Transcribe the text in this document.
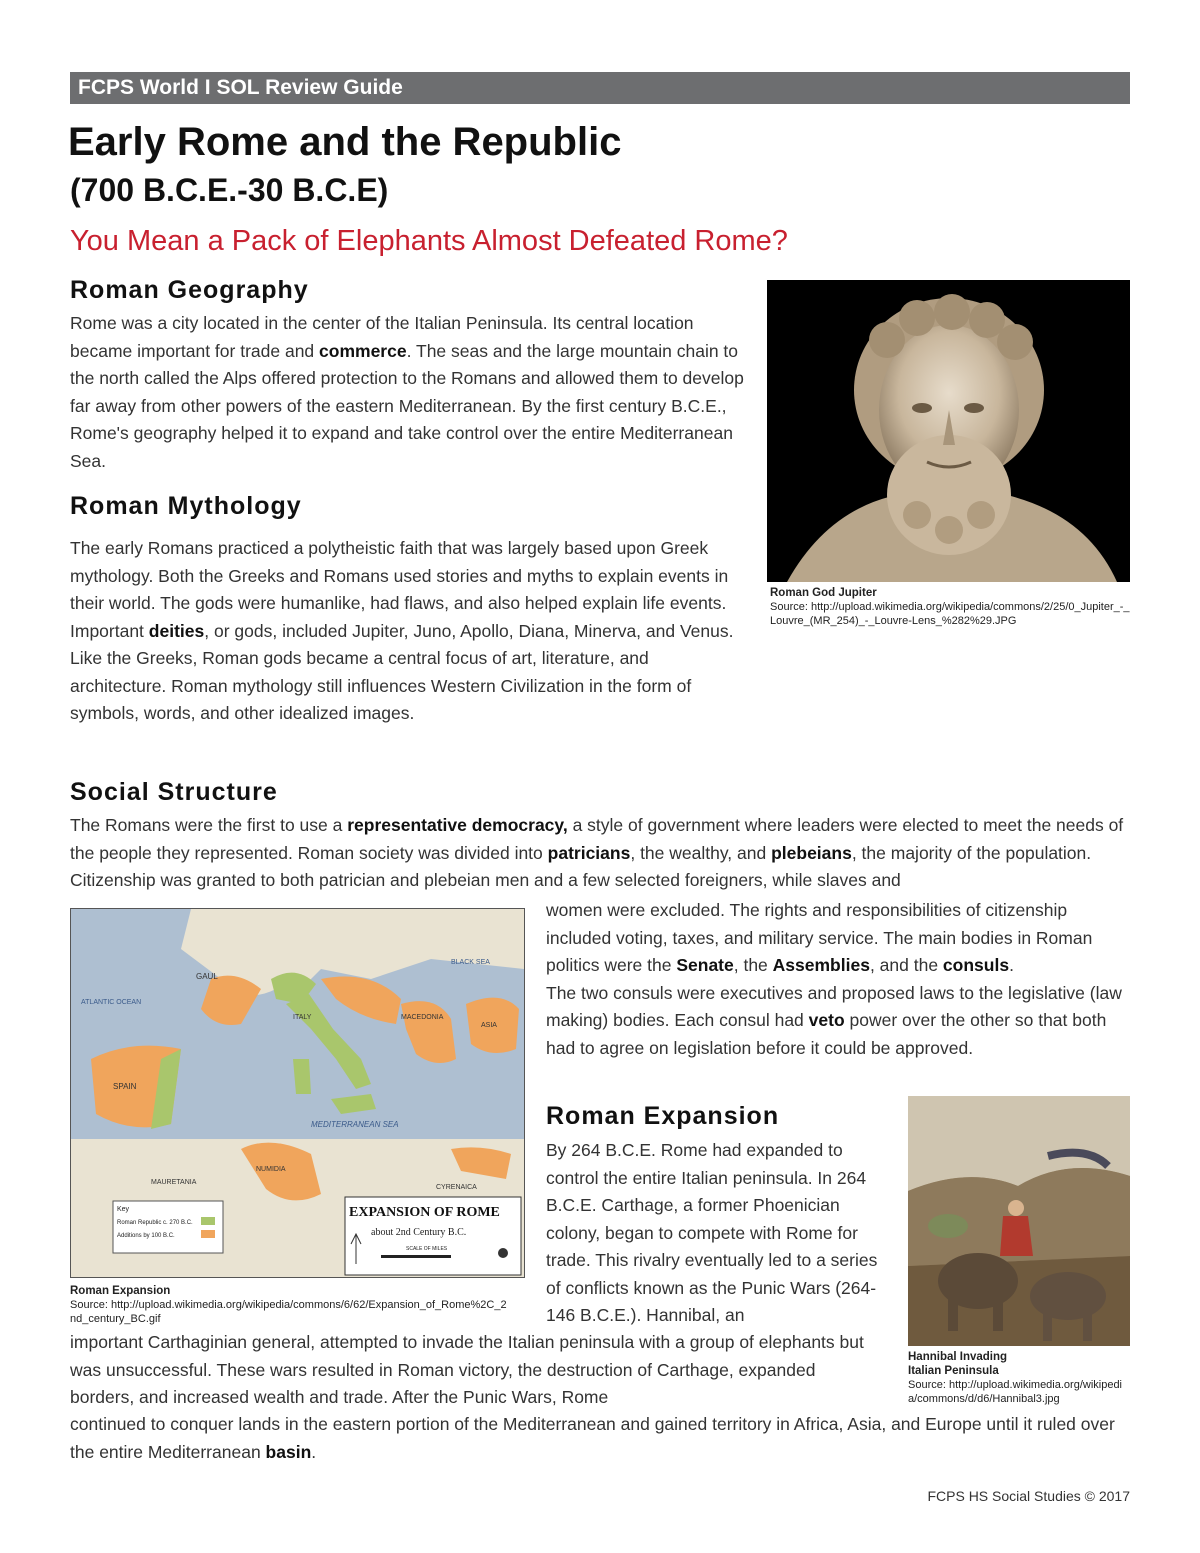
FCPS World I SOL Review Guide
Early Rome and the Republic
(700 B.C.E.-30 B.C.E)
You Mean a Pack of Elephants Almost Defeated Rome?
Roman Geography
Rome was a city located in the center of the Italian Peninsula. Its central location became important for trade and commerce. The seas and the large mountain chain to the north called the Alps offered protection to the Romans and allowed them to develop far away from other powers of the eastern Mediterranean. By the first century B.C.E., Rome's geography helped it to expand and take control over the entire Mediterranean Sea.
Roman Mythology
The early Romans practiced a polytheistic faith that was largely based upon Greek mythology. Both the Greeks and Romans used stories and myths to explain events in their world. The gods were humanlike, had flaws, and also helped explain life events. Important deities, or gods, included Jupiter, Juno, Apollo, Diana, Minerva, and Venus. Like the Greeks, Roman gods became a central focus of art, literature, and architecture. Roman mythology still influences Western Civilization in the form of symbols, words, and other idealized images.
Roman God Jupiter
Source: http://upload.wikimedia.org/wikipedia/commons/2/25/0_Jupiter_-_Louvre_(MR_254)_-_Louvre-Lens_%282%29.JPG
Social Structure
The Romans were the first to use a representative democracy, a style of government where leaders were elected to meet the needs of the people they represented. Roman society was divided into patricians, the wealthy, and plebeians, the majority of the population. Citizenship was granted to both patrician and plebeian men and a few selected foreigners, while slaves and
women were excluded. The rights and responsibilities of citizenship included voting, taxes, and military service. The main bodies in Roman politics were the Senate, the Assemblies, and the consuls.
The two consuls were executives and proposed laws to the legislative (law making) bodies. Each consul had veto power over the other so that both had to agree on legislation before it could be approved.
GAUL
ATLANTIC OCEAN
BLACK SEA
ITALY	MACEDONIA
ASIA
SPAIN
MEDITERRANEAN SEA
NUMIDIA
MAURETANIA
CYRENAICA
Key
Roman Republic c. 270 B.C.
Additions by 100 B.C.
EXPANSION OF ROME
about 2nd Century B.C.
SCALE OF MILES
Roman Expansion
Source: http://upload.wikimedia.org/wikipedia/commons/6/62/Expansion_of_Rome%2C_2nd_century_BC.gif
Roman Expansion
By 264 B.C.E. Rome had expanded to control the entire Italian peninsula. In 264 B.C.E. Carthage, a former Phoenician colony, began to compete with Rome for trade. This rivalry eventually led to a series of conflicts known as the Punic Wars (264-146 B.C.E.). Hannibal, an
important Carthaginian general, attempted to invade the Italian peninsula with a group of elephants but was unsuccessful. These wars resulted in Roman victory, the destruction of Carthage, expanded borders, and increased wealth and trade. After the Punic Wars, Rome
continued to conquer lands in the eastern portion of the Mediterranean and gained territory in Africa, Asia, and Europe until it ruled over the entire Mediterranean basin.
Hannibal Invading
Italian Peninsula
Source: http://upload.wikimedia.org/wikipedia/commons/d/d6/Hannibal3.jpg
FCPS HS Social Studies © 2017
